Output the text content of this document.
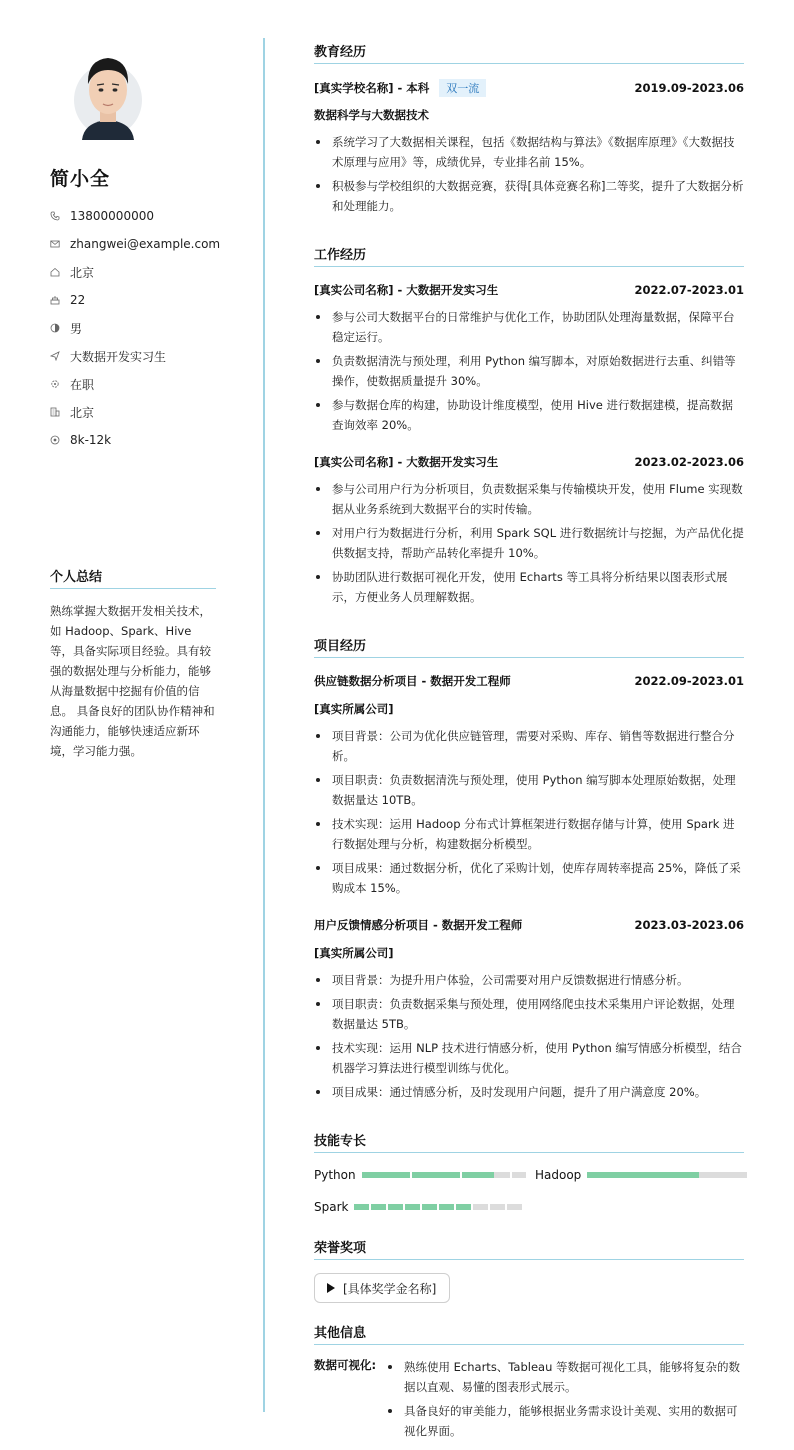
简小全
13800000000
zhangwei@example.com
北京
22
男
大数据开发实习生
在职
北京
8k-12k
个人总结
熟练掌握大数据开发相关技术，如 Hadoop、Spark、Hive 等，具备实际项目经验。具有较强的数据处理与分析能力，能够从海量数据中挖掘有价值的信息。 具备良好的团队协作精神和沟通能力，能够快速适应新环境，学习能力强。
教育经历
[真实学校名称] - 本科 双一流	2019.09-2023.06
数据科学与大数据技术
系统学习了大数据相关课程，包括《数据结构与算法》《数据库原理》《大数据技术原理与应用》等，成绩优异，专业排名前 15%。
积极参与学校组织的大数据竞赛，获得[具体竞赛名称]二等奖，提升了大数据分析和处理能力。
工作经历
[真实公司名称] - 大数据开发实习生	2022.07-2023.01
参与公司大数据平台的日常维护与优化工作，协助团队处理海量数据，保障平台稳定运行。
负责数据清洗与预处理，利用 Python 编写脚本，对原始数据进行去重、纠错等操作，使数据质量提升 30%。
参与数据仓库的构建，协助设计维度模型，使用 Hive 进行数据建模，提高数据查询效率 20%。
[真实公司名称] - 大数据开发实习生	2023.02-2023.06
参与公司用户行为分析项目，负责数据采集与传输模块开发，使用 Flume 实现数据从业务系统到大数据平台的实时传输。
对用户行为数据进行分析，利用 Spark SQL 进行数据统计与挖掘，为产品优化提供数据支持，帮助产品转化率提升 10%。
协助团队进行数据可视化开发，使用 Echarts 等工具将分析结果以图表形式展示，方便业务人员理解数据。
项目经历
供应链数据分析项目 - 数据开发工程师	2022.09-2023.01
[真实所属公司]
项目背景：公司为优化供应链管理，需要对采购、库存、销售等数据进行整合分析。
项目职责：负责数据清洗与预处理，使用 Python 编写脚本处理原始数据，处理数据量达 10TB。
技术实现：运用 Hadoop 分布式计算框架进行数据存储与计算，使用 Spark 进行数据处理与分析，构建数据分析模型。
项目成果：通过数据分析，优化了采购计划，使库存周转率提高 25%，降低了采购成本 15%。
用户反馈情感分析项目 - 数据开发工程师	2023.03-2023.06
[真实所属公司]
项目背景：为提升用户体验，公司需要对用户反馈数据进行情感分析。
项目职责：负责数据采集与预处理，使用网络爬虫技术采集用户评论数据，处理数据量达 5TB。
技术实现：运用 NLP 技术进行情感分析，使用 Python 编写情感分析模型，结合机器学习算法进行模型训练与优化。
项目成果：通过情感分析，及时发现用户问题，提升了用户满意度 20%。
技能专长
Python	Hadoop
Spark
荣誉奖项
[具体奖学金名称]
其他信息
数据可视化:	熟练使用 Echarts、Tableau 等数据可视化工具，能够将复杂的数据以直观、易懂的图表形式展示。
具备良好的审美能力，能够根据业务需求设计美观、实用的数据可视化界面。
